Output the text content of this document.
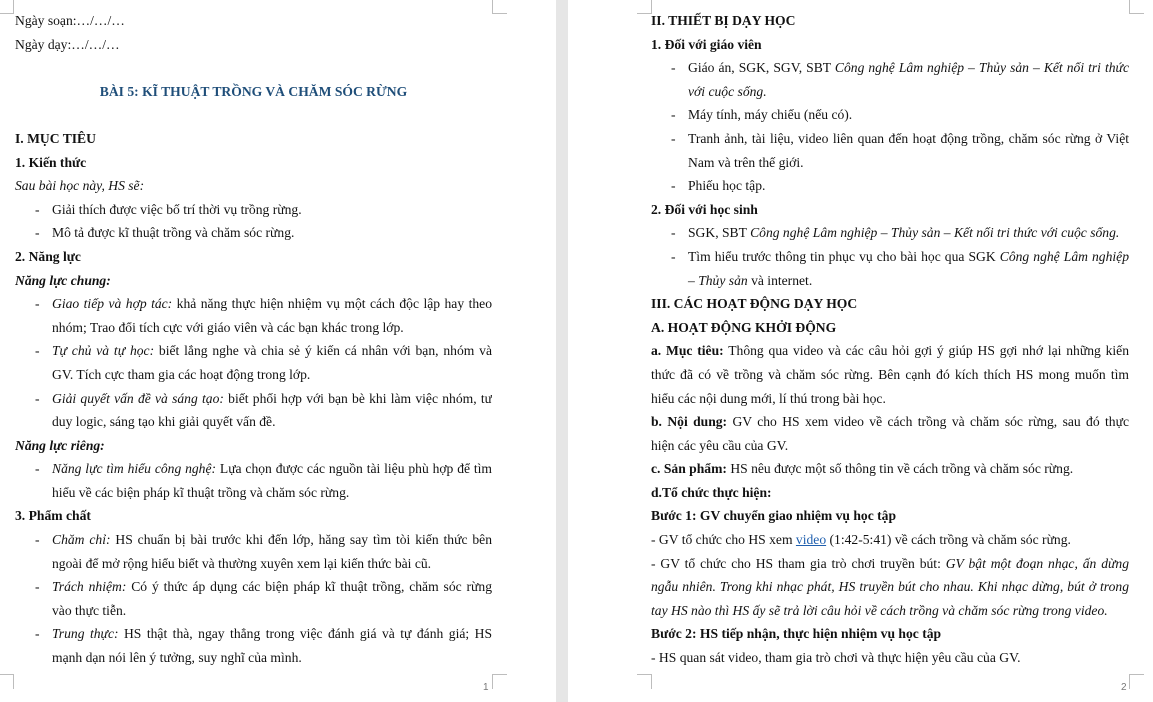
1
Ngày soạn:…/…/…
Ngày dạy:…/…/…
BÀI 5: KĨ THUẬT TRỒNG VÀ CHĂM SÓC RỪNG
I. MỤC TIÊU
1. Kiến thức
Sau bài học này, HS sẽ:
- Giải thích được việc bố trí thời vụ trồng rừng.
- Mô tả được kĩ thuật trồng và chăm sóc rừng.
2. Năng lực
Năng lực chung:
- Giao tiếp và hợp tác: khả năng thực hiện nhiệm vụ một cách độc lập hay theo
nhóm; Trao đổi tích cực với giáo viên và các bạn khác trong lớp.
- Tự chủ và tự học: biết lắng nghe và chia sẻ ý kiến cá nhân với bạn, nhóm và
GV. Tích cực tham gia các hoạt động trong lớp.
- Giải quyết vấn đề và sáng tạo: biết phối hợp với bạn bè khi làm việc nhóm, tư
duy logic, sáng tạo khi giải quyết vấn đề.
Năng lực riêng:
- Năng lực tìm hiểu công nghệ: Lựa chọn được các nguồn tài liệu phù hợp để tìm
hiểu về các biện pháp kĩ thuật trồng và chăm sóc rừng.
3. Phẩm chất
- Chăm chỉ: HS chuẩn bị bài trước khi đến lớp, hăng say tìm tòi kiến thức bên
ngoài để mở rộng hiểu biết và thường xuyên xem lại kiến thức bài cũ.
- Trách nhiệm: Có ý thức áp dụng các biện pháp kĩ thuật trồng, chăm sóc rừng
vào thực tiễn.
- Trung thực: HS thật thà, ngay thẳng trong việc đánh giá và tự đánh giá; HS
mạnh dạn nói lên ý tưởng, suy nghĩ của mình.
2
II. THIẾT BỊ DẠY HỌC
1. Đối với giáo viên
- Giáo án, SGK, SGV, SBT Công nghệ Lâm nghiệp – Thủy sản – Kết nối tri thức
với cuộc sống.
- Máy tính, máy chiếu (nếu có).
- Tranh ảnh, tài liệu, video liên quan đến hoạt động trồng, chăm sóc rừng ở Việt
Nam và trên thế giới.
- Phiếu học tập.
2. Đối với học sinh
- SGK, SBT Công nghệ Lâm nghiệp – Thủy sản – Kết nối tri thức với cuộc sống.
- Tìm hiểu trước thông tin phục vụ cho bài học qua SGK Công nghệ Lâm nghiệp
– Thủy sản và internet.
III. CÁC HOẠT ĐỘNG DẠY HỌC
A. HOẠT ĐỘNG KHỞI ĐỘNG
a. Mục tiêu: Thông qua video và các câu hỏi gợi ý giúp HS gợi nhớ lại những kiến
thức đã có về trồng và chăm sóc rừng. Bên cạnh đó kích thích HS mong muốn tìm
hiểu các nội dung mới, lí thú trong bài học.
b. Nội dung: GV cho HS xem video về cách trồng và chăm sóc rừng, sau đó thực
hiện các yêu cầu của GV.
c. Sản phẩm: HS nêu được một số thông tin về cách trồng và chăm sóc rừng.
d.Tổ chức thực hiện:
Bước 1: GV chuyển giao nhiệm vụ học tập
- GV tổ chức cho HS xem video (1:42-5:41) về cách trồng và chăm sóc rừng.
- GV tổ chức cho HS tham gia trò chơi truyền bút: GV bật một đoạn nhạc, ấn dừng
ngẫu nhiên. Trong khi nhạc phát, HS truyền bút cho nhau. Khi nhạc dừng, bút ở trong
tay HS nào thì HS ấy sẽ trả lời câu hỏi về cách trồng và chăm sóc rừng trong video.
Bước 2: HS tiếp nhận, thực hiện nhiệm vụ học tập
- HS quan sát video, tham gia trò chơi và thực hiện yêu cầu của GV.
